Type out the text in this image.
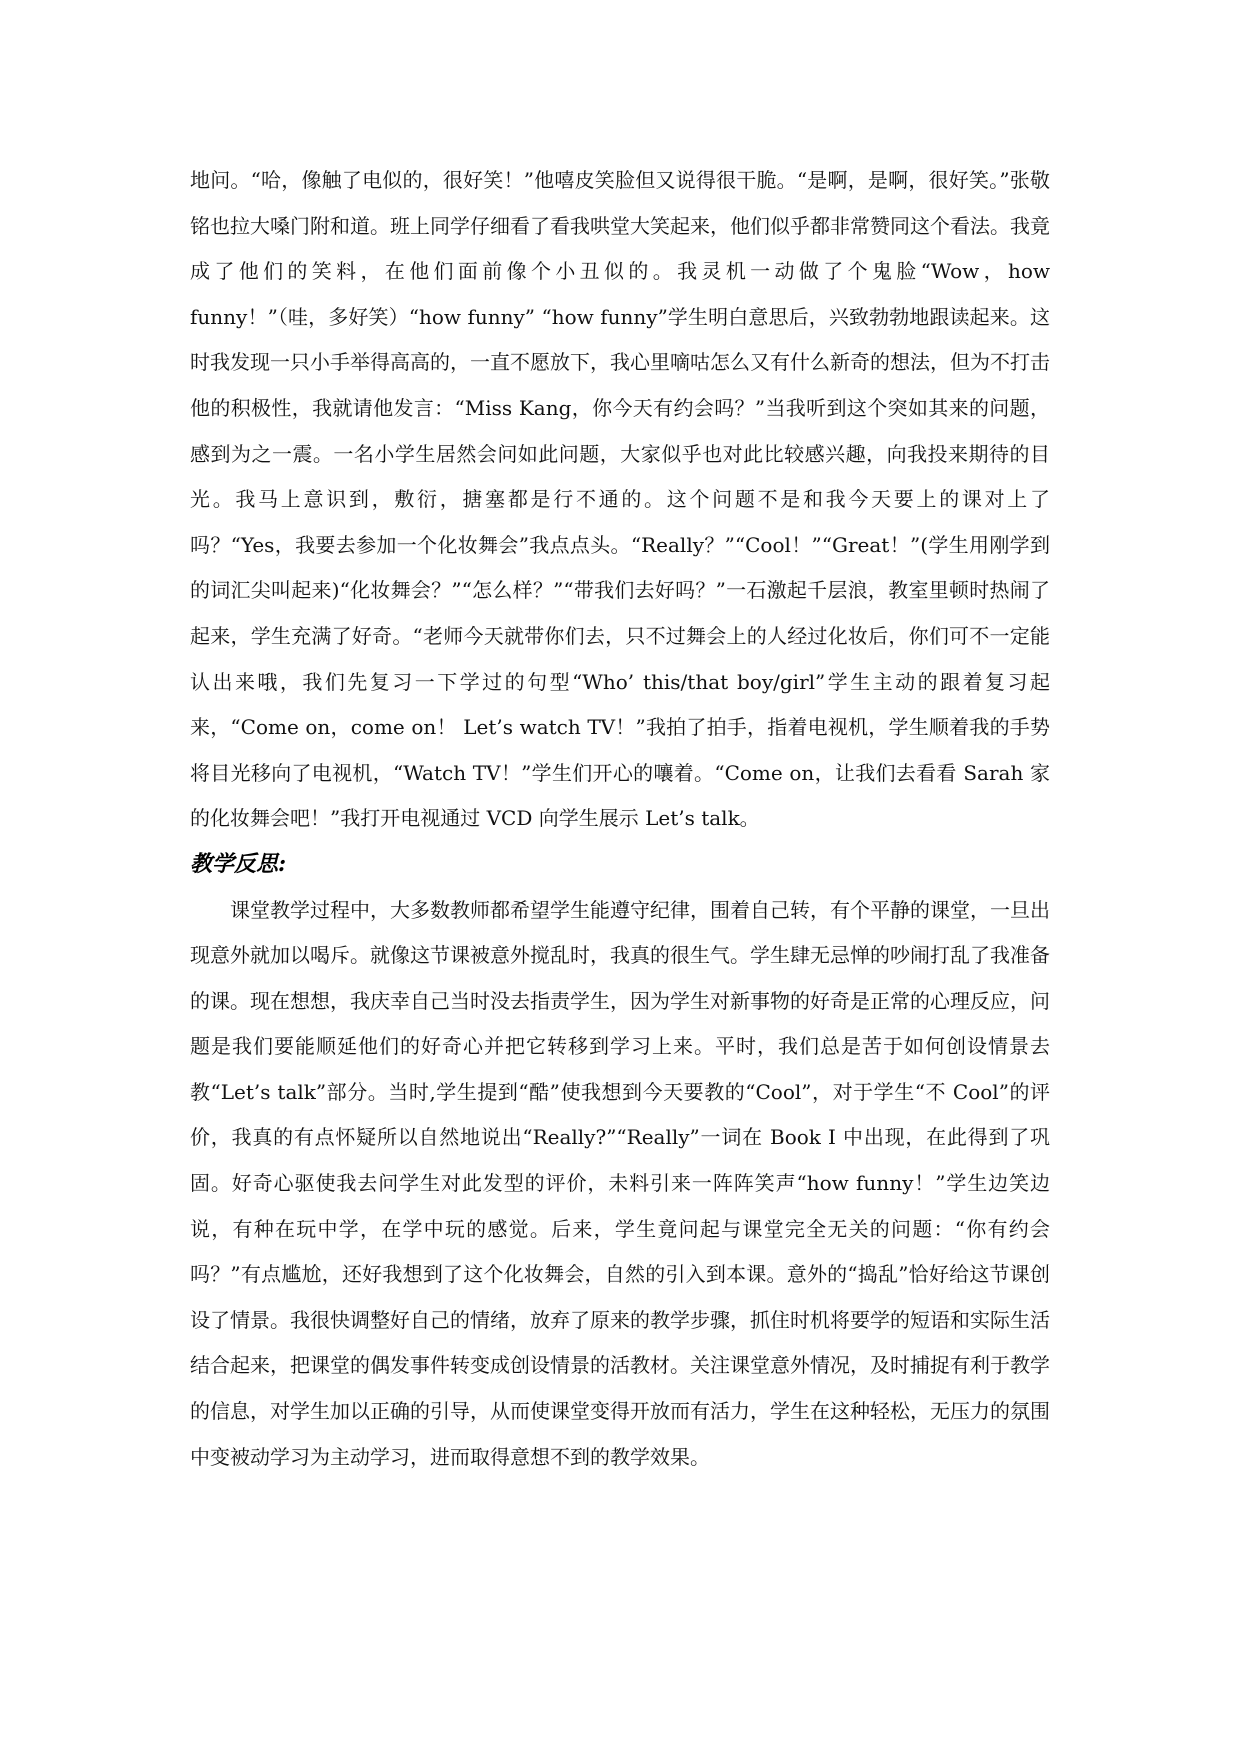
地问。“哈，像触了电似的，很好笑！”他嘻皮笑脸但又说得很干脆。“是啊，是啊，很好笑。”张敬铭也拉大嗓门附和道。班上同学仔细看了看我哄堂大笑起来，他们似乎都非常赞同这个看法。我竟成了他们的笑料，在他们面前像个小丑似的。我灵机一动做了个鬼脸“Wow，how funny！”（哇，多好笑）“how funny” “how funny”学生明白意思后，兴致勃勃地跟读起来。这时我发现一只小手举得高高的，一直不愿放下，我心里嘀咕怎么又有什么新奇的想法，但为不打击他的积极性，我就请他发言：“Miss Kang，你今天有约会吗？”当我听到这个突如其来的问题，感到为之一震。一名小学生居然会问如此问题，大家似乎也对此比较感兴趣，向我投来期待的目光。我马上意识到，敷衍，搪塞都是行不通的。这个问题不是和我今天要上的课对上了吗？“Yes，我要去参加一个化妆舞会”我点点头。“Really？”“Cool！”“Great！”(学生用刚学到的词汇尖叫起来)“化妆舞会？”“怎么样？”“带我们去好吗？”一石激起千层浪，教室里顿时热闹了起来，学生充满了好奇。“老师今天就带你们去，只不过舞会上的人经过化妆后，你们可不一定能认出来哦，我们先复习一下学过的句型“Who’ this/that boy/girl”学生主动的跟着复习起来，“Come on，come on！ Let’s watch TV！”我拍了拍手，指着电视机，学生顺着我的手势将目光移向了电视机，“Watch TV！”学生们开心的嚷着。“Come on，让我们去看看 Sarah 家的化妆舞会吧！”我打开电视通过 VCD 向学生展示 Let’s talk。

教学反思:

课堂教学过程中，大多数教师都希望学生能遵守纪律，围着自己转，有个平静的课堂，一旦出现意外就加以喝斥。就像这节课被意外搅乱时，我真的很生气。学生肆无忌惮的吵闹打乱了我准备的课。现在想想，我庆幸自己当时没去指责学生，因为学生对新事物的好奇是正常的心理反应，问题是我们要能顺延他们的好奇心并把它转移到学习上来。平时，我们总是苦于如何创设情景去教“Let’s talk”部分。当时,学生提到“酷”使我想到今天要教的“Cool”，对于学生“不 Cool”的评价，我真的有点怀疑所以自然地说出“Really?”“Really”一词在 Book I 中出现，在此得到了巩固。好奇心驱使我去问学生对此发型的评价，未料引来一阵阵笑声“how funny！”学生边笑边说，有种在玩中学，在学中玩的感觉。后来，学生竟问起与课堂完全无关的问题：“你有约会吗？”有点尴尬，还好我想到了这个化妆舞会，自然的引入到本课。意外的“捣乱”恰好给这节课创设了情景。我很快调整好自己的情绪，放弃了原来的教学步骤，抓住时机将要学的短语和实际生活结合起来，把课堂的偶发事件转变成创设情景的活教材。关注课堂意外情况，及时捕捉有利于教学的信息，对学生加以正确的引导，从而使课堂变得开放而有活力，学生在这种轻松，无压力的氛围中变被动学习为主动学习，进而取得意想不到的教学效果。
